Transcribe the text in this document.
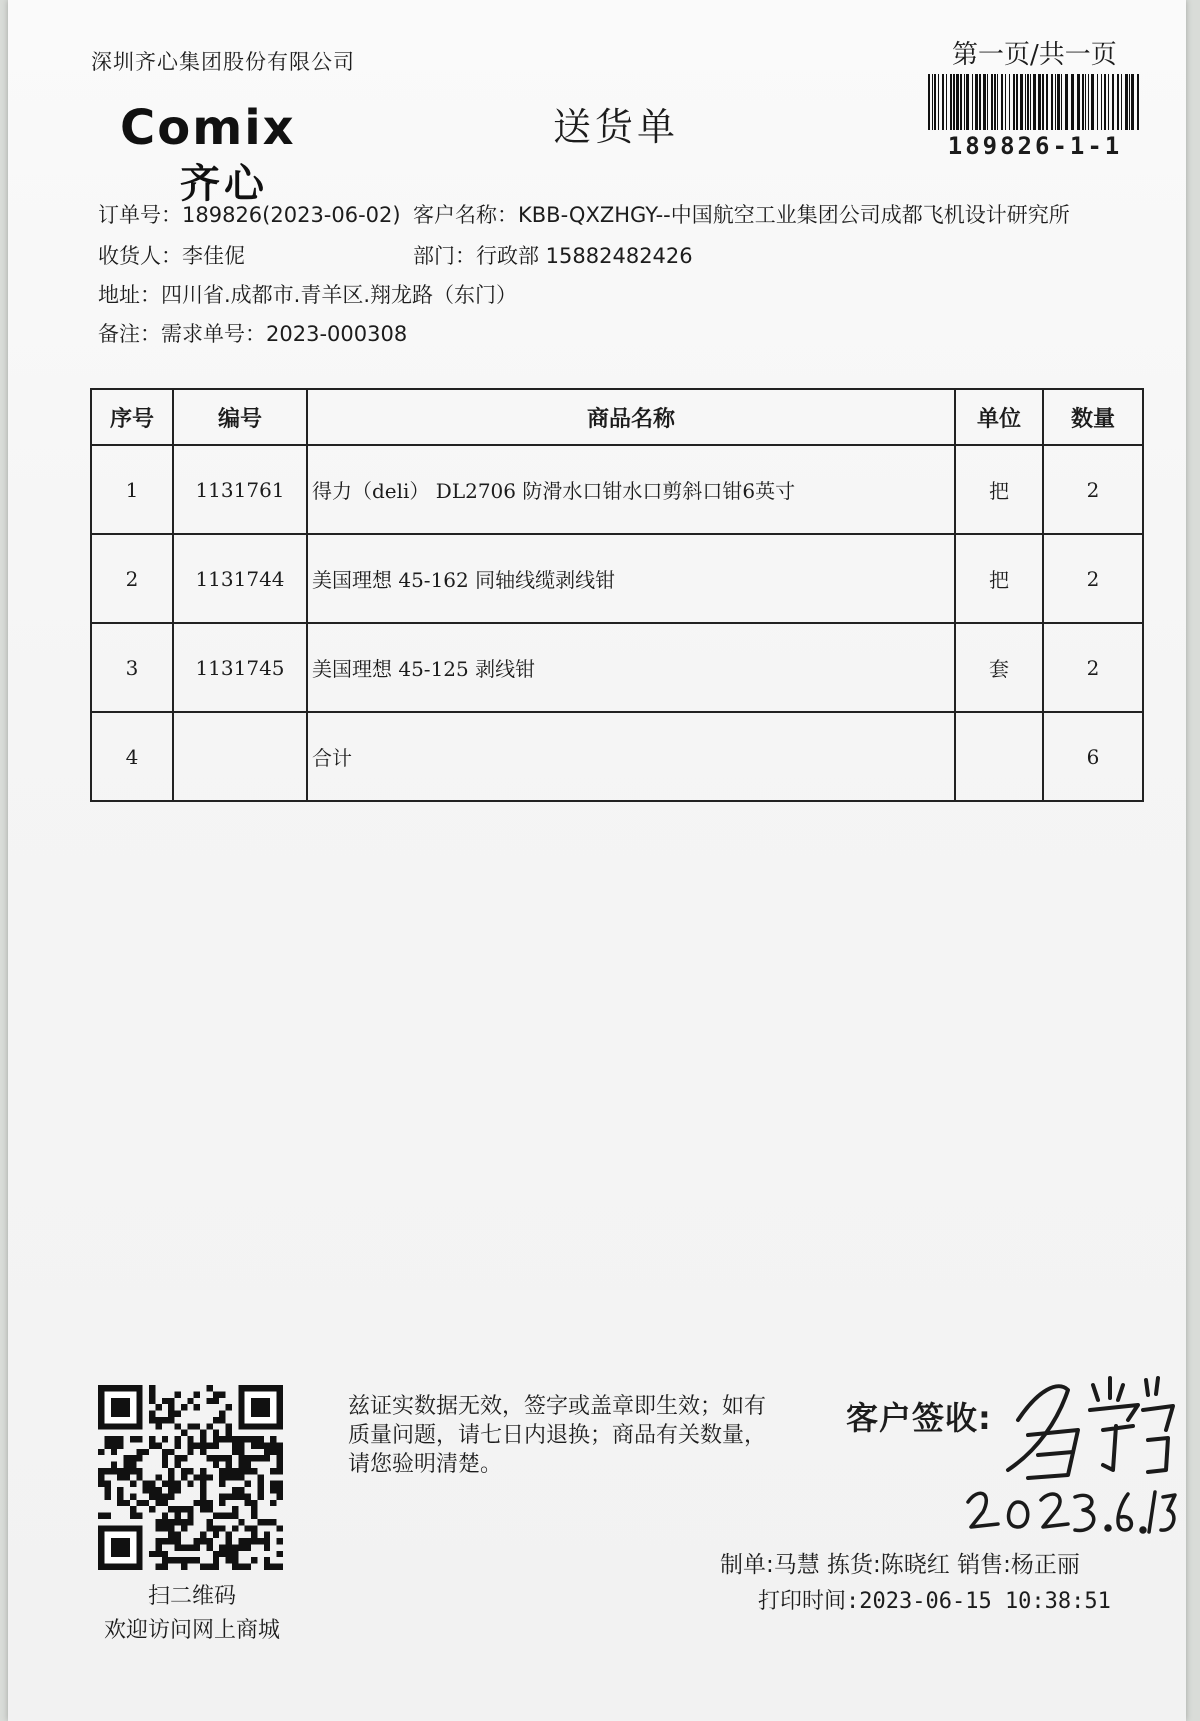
深圳齐心集团股份有限公司
Comix
齐心
送货单
第一页/共一页
189826-1-1
订单号：189826(2023-06-02) 客户名称：KBB-QXZHGY--中国航空工业集团公司成都飞机设计研究所
收货人：李佳伲	部门：行政部 15882482426
地址：四川省.成都市.青羊区.翔龙路（东门）
备注：需求单号：2023-000308
序号	编号	商品名称	单位	数量
1	1131761	得力（deli） DL2706 防滑水口钳水口剪斜口钳6英寸	把	2
2	1131744	美国理想 45-162 同轴线缆剥线钳	把	2
3	1131745	美国理想 45-125 剥线钳	套	2
4		合计		6
扫二维码
欢迎访问网上商城
兹证实数据无效，签字或盖章即生效；如有质量问题，请七日内退换；商品有关数量，请您验明清楚。
客户签收:
制单:马慧 拣货:陈晓红 销售:杨正丽
打印时间:2023-06-15 10:38:51
